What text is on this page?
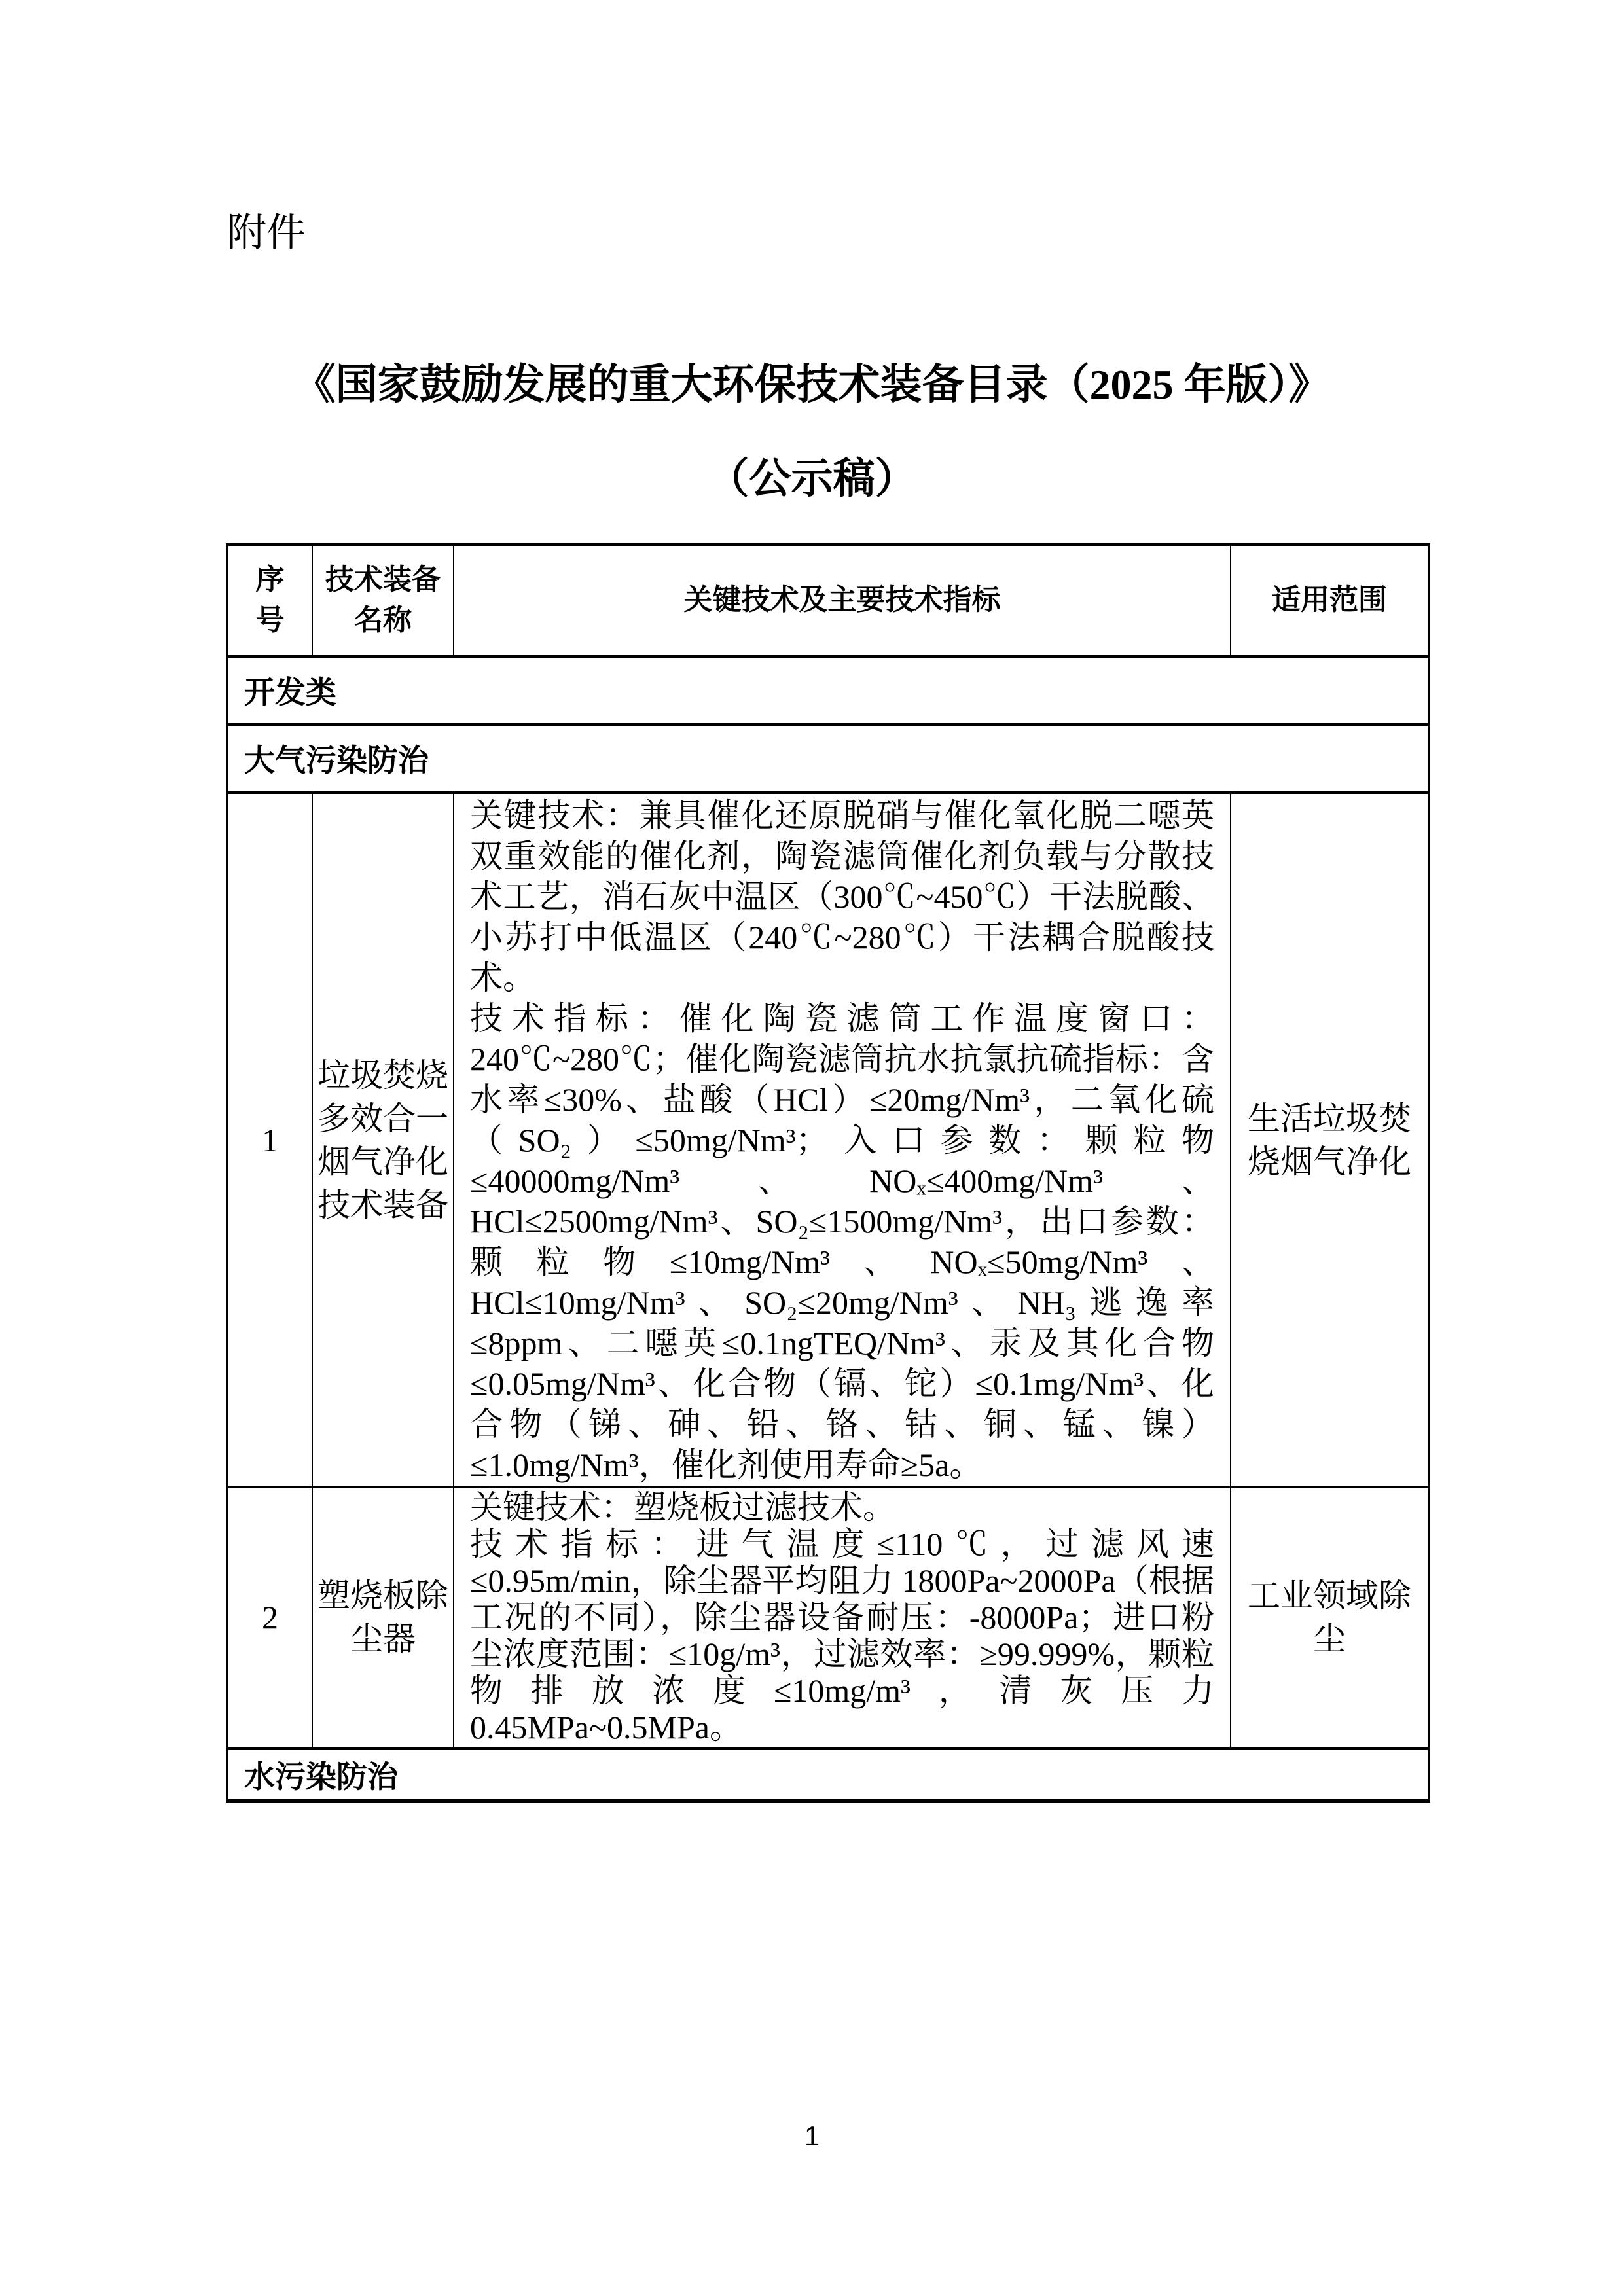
附件
《国家鼓励发展的重大环保技术装备目录（2025 年版）》
（公示稿）
序号	技术装备名称	关键技术及主要技术指标	适用范围
开发类			
大气污染防治			
1	垃圾焚烧多效合一烟气净化技术装备	关键技术：兼具催化还原脱硝与催化氧化脱二噁英双重效能的催化剂，陶瓷滤筒催化剂负载与分散技术工艺，消石灰中温区（300℃~450℃）干法脱酸、小苏打中低温区（240℃~280℃）干法耦合脱酸技术。

技术指标：催化陶瓷滤筒工作温度窗口：240℃~280℃；催化陶瓷滤筒抗水抗氯抗硫指标：含水率≤30%、盐酸（HCl）≤20mg/Nm³，二氧化硫（SO₂）≤50mg/Nm³；入口参数：颗粒物≤40000mg/Nm³、NOₓ≤400mg/Nm³、HCl≤2500mg/Nm³、SO₂≤1500mg/Nm³，出口参数：颗粒物≤10mg/Nm³、NOₓ≤50mg/Nm³、HCl≤10mg/Nm³、SO₂≤20mg/Nm³、NH₃逃逸率≤8ppm、二噁英≤0.1ngTEQ/Nm³、汞及其化合物≤0.05mg/Nm³、化合物（镉、铊）≤0.1mg/Nm³、化合物（锑、砷、铅、铬、钴、铜、锰、镍）≤1.0mg/Nm³，催化剂使用寿命≥5a。	生活垃圾焚烧烟气净化
2	塑烧板除尘器	关键技术：塑烧板过滤技术。

技术指标：进气温度≤110℃，过滤风速≤0.95m/min，除尘器平均阻力 1800Pa~2000Pa（根据工况的不同），除尘器设备耐压：-8000Pa；进口粉尘浓度范围：≤10g/m³，过滤效率：≥99.999%，颗粒物排放浓度≤10mg/m³，清灰压力 0.45MPa~0.5MPa。	工业领域除尘
水污染防治			
1
